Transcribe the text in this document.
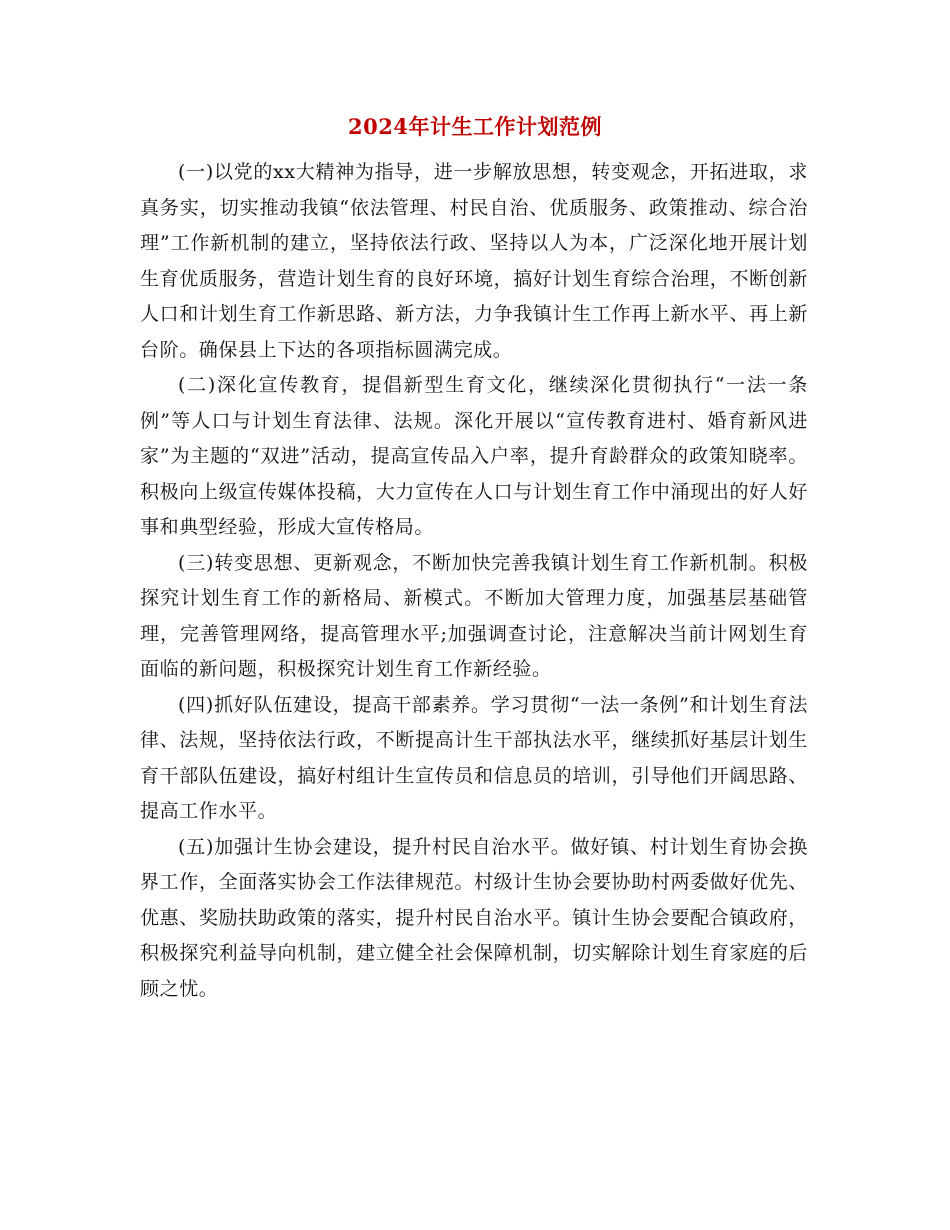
2024年计生工作计划范例

(一)以党的xx大精神为指导，进一步解放思想，转变观念，开拓进取，求真务实，切实推动我镇“依法管理、村民自治、优质服务、政策推动、综合治理”工作新机制的建立，坚持依法行政、坚持以人为本，广泛深化地开展计划生育优质服务，营造计划生育的良好环境，搞好计划生育综合治理，不断创新人口和计划生育工作新思路、新方法，力争我镇计生工作再上新水平、再上新台阶。确保县上下达的各项指标圆满完成。

(二)深化宣传教育，提倡新型生育文化，继续深化贯彻执行“一法一条例”等人口与计划生育法律、法规。深化开展以“宣传教育进村、婚育新风进家”为主题的“双进”活动，提高宣传品入户率，提升育龄群众的政策知晓率。积极向上级宣传媒体投稿，大力宣传在人口与计划生育工作中涌现出的好人好事和典型经验，形成大宣传格局。

(三)转变思想、更新观念，不断加快完善我镇计划生育工作新机制。积极探究计划生育工作的新格局、新模式。不断加大管理力度，加强基层基础管理，完善管理网络，提高管理水平;加强调查讨论，注意解决当前计网划生育面临的新问题，积极探究计划生育工作新经验。

(四)抓好队伍建设，提高干部素养。学习贯彻“一法一条例”和计划生育法律、法规，坚持依法行政，不断提高计生干部执法水平，继续抓好基层计划生育干部队伍建设，搞好村组计生宣传员和信息员的培训，引导他们开阔思路、提高工作水平。

(五)加强计生协会建设，提升村民自治水平。做好镇、村计划生育协会换界工作，全面落实协会工作法律规范。村级计生协会要协助村两委做好优先、优惠、奖励扶助政策的落实，提升村民自治水平。镇计生协会要配合镇政府，积极探究利益导向机制，建立健全社会保障机制，切实解除计划生育家庭的后顾之忧。
